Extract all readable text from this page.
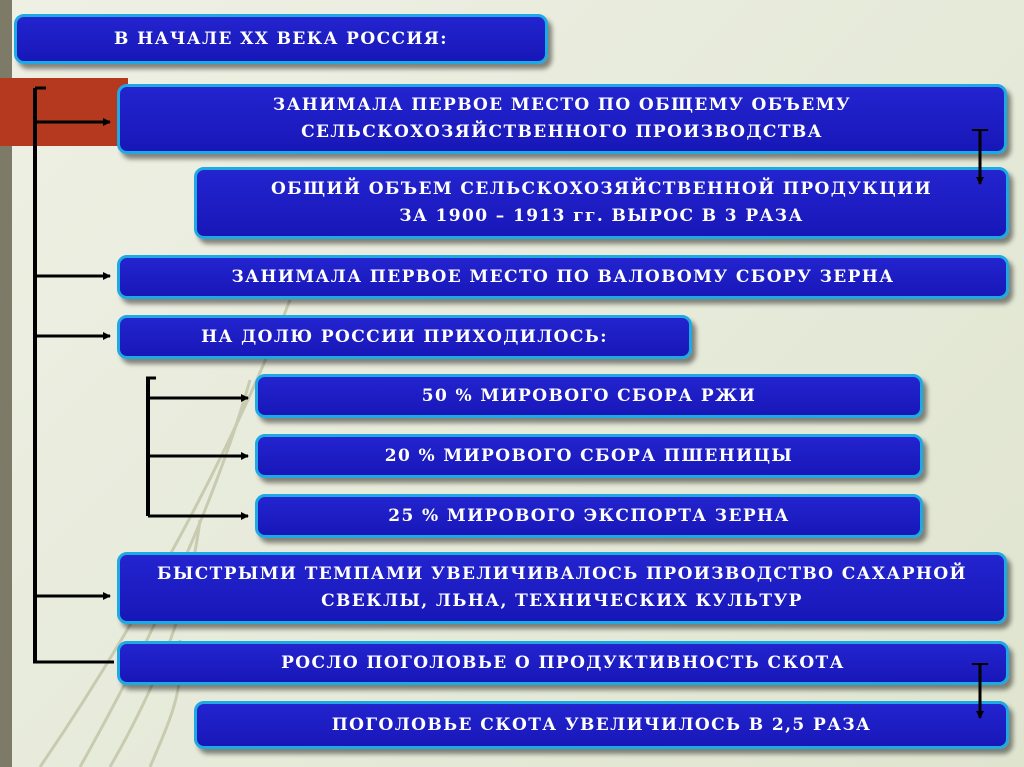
В НАЧАЛЕ XX ВЕКА РОССИЯ:
ЗАНИМАЛА ПЕРВОЕ МЕСТО ПО ОБЩЕМУ ОБЪЕМУ
СЕЛЬСКОХОЗЯЙСТВЕННОГО ПРОИЗВОДСТВА
ОБЩИЙ ОБЪЕМ СЕЛЬСКОХОЗЯЙСТВЕННОЙ ПРОДУКЦИИ
ЗА 1900 – 1913 гг. ВЫРОС В 3 РАЗА
ЗАНИМАЛА ПЕРВОЕ МЕСТО ПО ВАЛОВОМУ СБОРУ ЗЕРНА
НА ДОЛЮ РОССИИ ПРИХОДИЛОСЬ:
50 % МИРОВОГО СБОРА РЖИ
20 % МИРОВОГО СБОРА ПШЕНИЦЫ
25 % МИРОВОГО ЭКСПОРТА ЗЕРНА
БЫСТРЫМИ ТЕМПАМИ УВЕЛИЧИВАЛОСЬ ПРОИЗВОДСТВО САХАРНОЙ
СВЕКЛЫ, ЛЬНА, ТЕХНИЧЕСКИХ КУЛЬТУР
РОСЛО ПОГОЛОВЬЕ О ПРОДУКТИВНОСТЬ СКОТА
ПОГОЛОВЬЕ СКОТА УВЕЛИЧИЛОСЬ В 2,5 РАЗА
